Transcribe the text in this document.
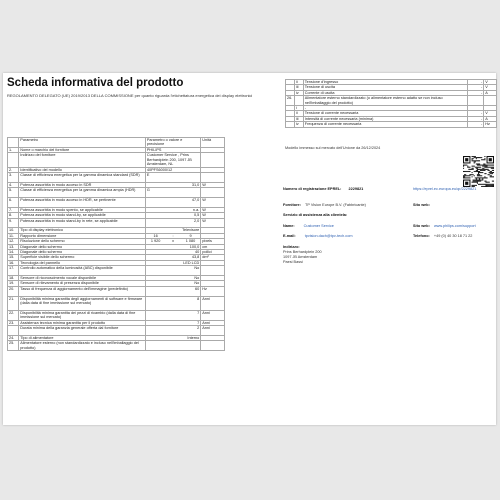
Scheda informativa del prodotto
REGOLAMENTO DELEGATO (UE) 2019/2013 DELLA COMMISSIONE per quanto riguarda l'etichettatura energetica dei display elettronici
	Parametro	Parametro o valore e precisione	Unità
1.	Nome o marchio del fornitore	PHILIPS	
	Indirizzo del fornitore	Customer Service , Prins Berhardplein 200, 1097 JB Amsterdam, NL	
2.	Identificativo del modello	40PFS6000/12	
3.	Classe di efficienza energetica per la gamma dinamica standard (SDR)	E	
4.	Potenza assorbita in modo acceso in SDR	31,0	W
5.	Classe di efficienza energetica per la gamma dinamica ampia (HDR)	G	
6.	Potenza assorbita in modo acceso in HDR, se pertinente	47,0	W
7.	Potenza assorbita in modo spento, se applicabile	n.a.	W
8.	Potenza assorbita in modo stand-by, se applicabile	0,5	W
9.	Potenza assorbita in modo stand-by in rete, se applicabile	2,0	W
10.	Tipo di display elettronico	Televisore	
11.	Rapporto dimensione	16 : 9	

12.	Risoluzione dello schermo	1 920 x 1 080	pixels
13.	Diagonale dello schermo	100,0	cm
14.	Diagonale dello schermo	40	pollici
15.	Superficie visibile dello schermo	43,8	dm²
16.	Tecnologia del pannello	LED LCD	
17.	Controllo automatico della luminosità (ABC) disponibile	No	
18.	Sensore di riconoscimento vocale disponibile	No	
19.	Sensore di rilevamento di presenza disponibile	No	
20.	Tasso di frequenza di aggiornamento dell'immagine (predefinito)	60	Hz
21.	Disponibilità minima garantita degli aggiornamenti di software e firmware (dalla data di fine immissione sul mercato)	8	Anni
22.	Disponibilità minima garantita dei pezzi di ricambio (dalla data di fine immissione sul mercato)	7	Anni
23.	Assistenza tecnica minima garantita per il prodotto	7	Anni
	Durata minima della garanzia generale offerta dal fornitore	2	Anni
24.	Tipo di alimentatore	Interno	
25.	Alimentatore esterno (non standardizzato e incluso nell'imballaggio del prodotto)		
	ii	Tensione d'ingresso	-	V
	iii	Tensione di uscita	-	V
	iv	Corrente di uscita	-	A
26.		Alimentatore esterno standardizzato (o alimentatore esterno adatto se non incluso nell'imballaggio del prodotto)		
	i	-		
	ii	Tensione di corrente necessaria	-	V
	iii	Intensità di corrente necessaria (minima)	-	A
	iv	Frequenza di corrente necessaria	-	Hz
Modello immesso sul mercato dell'Unione da 26/12/2024
Numero di registrazione EPREL: 2229821	https://eprel.ec.europa.eu/qr/2229821
Fornitore: TP Vision Europe B.V. (Fabbricante)	Sito web:
Servizio di assistenza alla clientela:
Name: Customer Service	Sito web: www.philips.com/support
E-mail: tpvision.dach@tpv-tech.com	Telefono: +49 (0) 40 30 18 71 22
Indirizzo:
Prins Berhardplein 200
1097 JB Amsterdam
Paesi Bassi
